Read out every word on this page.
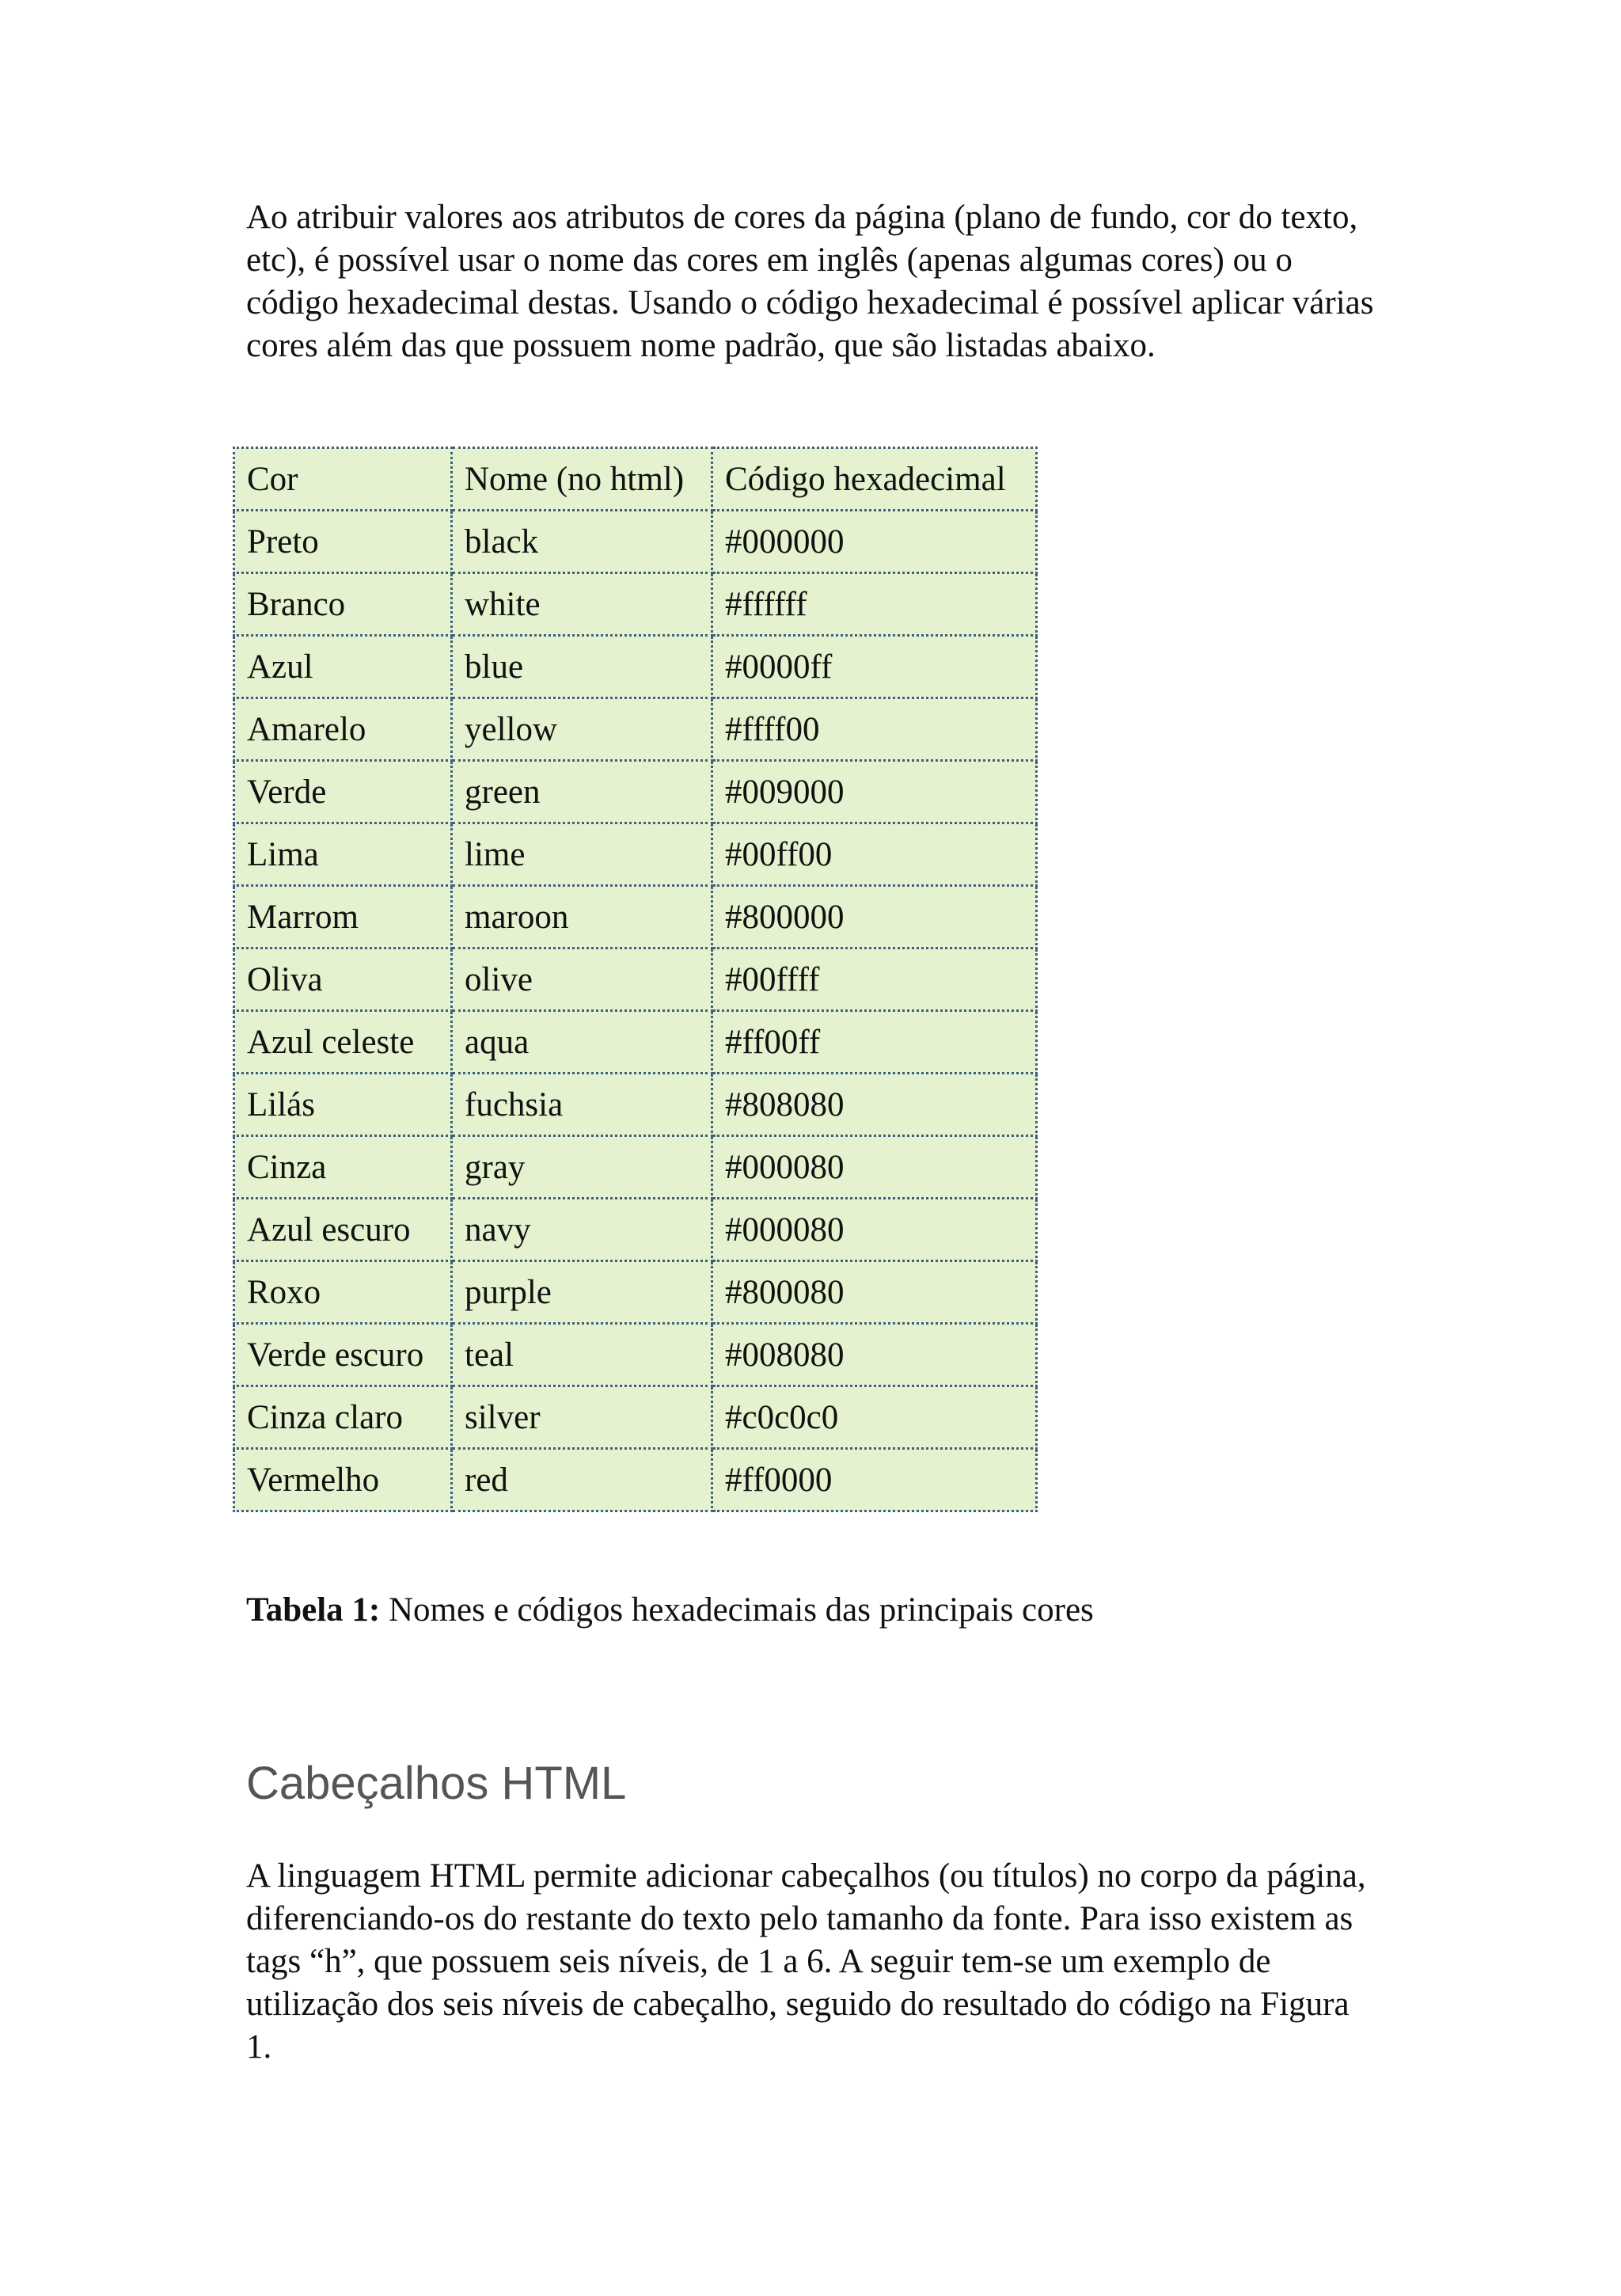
Ao atribuir valores aos atributos de cores da página (plano de fundo, cor do texto, etc), é possível usar o nome das cores em inglês (apenas algumas cores) ou o código hexadecimal destas. Usando o código hexadecimal é possível aplicar várias cores além das que possuem nome padrão, que são listadas abaixo.

Cor	Nome (no html)	Código hexadecimal
Preto	black	#000000
Branco	white	#ffffff
Azul	blue	#0000ff
Amarelo	yellow	#ffff00
Verde	green	#009000
Lima	lime	#00ff00
Marrom	maroon	#800000
Oliva	olive	#00ffff
Azul celeste	aqua	#ff00ff
Lilás	fuchsia	#808080
Cinza	gray	#000080
Azul escuro	navy	#000080
Roxo	purple	#800080
Verde escuro	teal	#008080
Cinza claro	silver	#c0c0c0
Vermelho	red	#ff0000

Tabela 1: Nomes e códigos hexadecimais das principais cores

Cabeçalhos HTML

A linguagem HTML permite adicionar cabeçalhos (ou títulos) no corpo da página, diferenciando-os do restante do texto pelo tamanho da fonte. Para isso existem as tags “h”, que possuem seis níveis, de 1 a 6. A seguir tem-se um exemplo de utilização dos seis níveis de cabeçalho, seguido do resultado do código na Figura 1.
